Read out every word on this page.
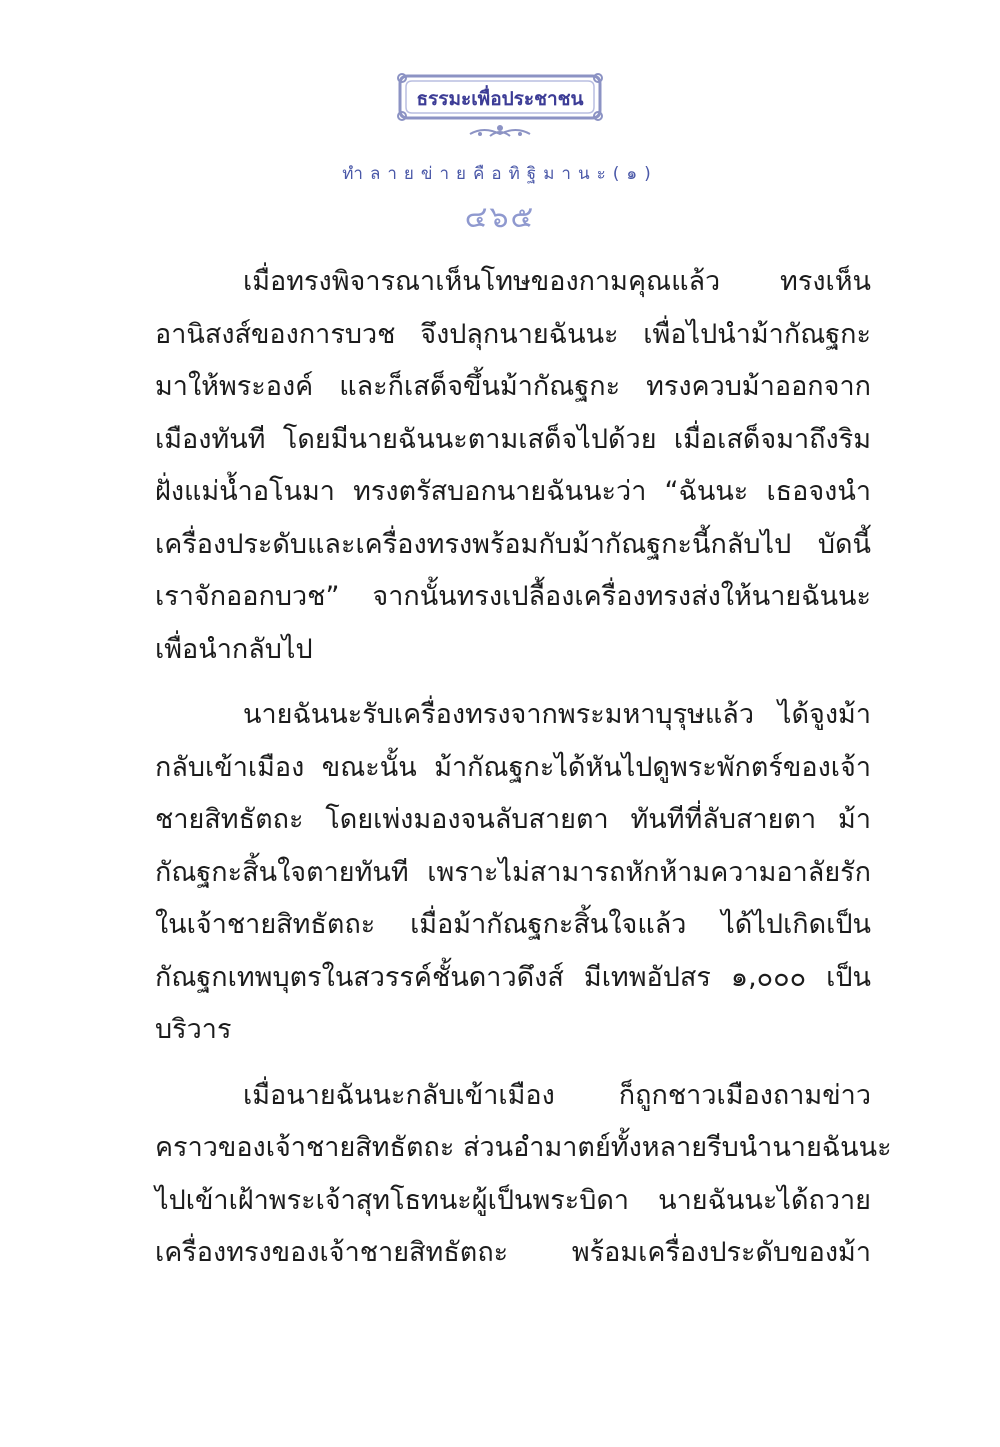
ธรรมะเพื่อประชาชน
ทำลายข่ายคือทิฐิมานะ(๑)
๔๖๕
เมื่อทรงพิจารณาเห็นโทษของกามคุณแล้ว ทรงเห็น
อานิสงส์ของการบวช จึงปลุกนายฉันนะ เพื่อไปนำม้ากัณฐกะ
มาให้พระองค์ และก็เสด็จขึ้นม้ากัณฐกะ ทรงควบม้าออกจาก
เมืองทันที โดยมีนายฉันนะตามเสด็จไปด้วย เมื่อเสด็จมาถึงริม
ฝั่งแม่น้ำอโนมา ทรงตรัสบอกนายฉันนะว่า “ฉันนะ เธอจงนำ
เครื่องประดับและเครื่องทรงพร้อมกับม้ากัณฐกะนี้กลับไป บัดนี้
เราจักออกบวช” จากนั้นทรงเปลื้องเครื่องทรงส่งให้นายฉันนะ
เพื่อนำกลับไป
นายฉันนะรับเครื่องทรงจากพระมหาบุรุษแล้ว ได้จูงม้า
กลับเข้าเมือง ขณะนั้น ม้ากัณฐกะได้หันไปดูพระพักตร์ของเจ้า
ชายสิทธัตถะ โดยเพ่งมองจนลับสายตา ทันทีที่ลับสายตา ม้า
กัณฐกะสิ้นใจตายทันที เพราะไม่สามารถหักห้ามความอาลัยรัก
ในเจ้าชายสิทธัตถะ เมื่อม้ากัณฐกะสิ้นใจแล้ว ได้ไปเกิดเป็น
กัณฐกเทพบุตรในสวรรค์ชั้นดาวดึงส์ มีเทพอัปสร ๑,๐๐๐ เป็น
บริวาร
เมื่อนายฉันนะกลับเข้าเมือง ก็ถูกชาวเมืองถามข่าว
คราวของเจ้าชายสิทธัตถะ ส่วนอำมาตย์ทั้งหลายรีบนำนายฉันนะ
ไปเข้าเฝ้าพระเจ้าสุทโธทนะผู้เป็นพระบิดา นายฉันนะได้ถวาย
เครื่องทรงของเจ้าชายสิทธัตถะ พร้อมเครื่องประดับของม้า
